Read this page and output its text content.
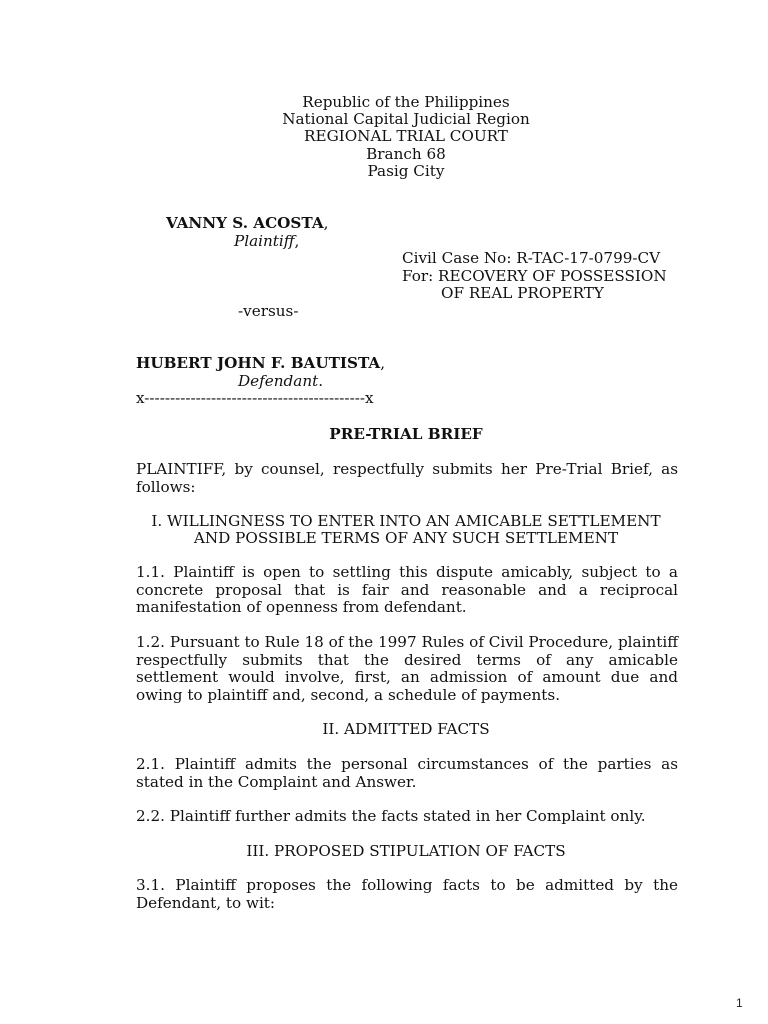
Republic of the Philippines
National Capital Judicial Region
REGIONAL TRIAL COURT
Branch 68
Pasig City
VANNY S. ACOSTA,
Plaintiff,
Civil Case No: R-TAC-17-0799-CV
For: RECOVERY OF POSSESSION
OF REAL PROPERTY
-versus-
HUBERT JOHN F. BAUTISTA,
Defendant.
x-------------------------------------------x
PRE-TRIAL BRIEF
PLAINTIFF, by counsel, respectfully submits her Pre-Trial Brief, as follows:
I. WILLINGNESS TO ENTER INTO AN AMICABLE SETTLEMENT
AND POSSIBLE TERMS OF ANY SUCH SETTLEMENT
1.1. Plaintiff is open to settling this dispute amicably, subject to a concrete proposal that is fair and reasonable and a reciprocal manifestation of openness from defendant.
1.2. Pursuant to Rule 18 of the 1997 Rules of Civil Procedure, plaintiff respectfully submits that the desired terms of any amicable settlement would involve, first, an admission of amount due and owing to plaintiff and, second, a schedule of payments.
II. ADMITTED FACTS
2.1. Plaintiff admits the personal circumstances of the parties as stated in the Complaint and Answer.
2.2. Plaintiff further admits the facts stated in her Complaint only.
III. PROPOSED STIPULATION OF FACTS
3.1. Plaintiff proposes the following facts to be admitted by the Defendant, to wit:
1
